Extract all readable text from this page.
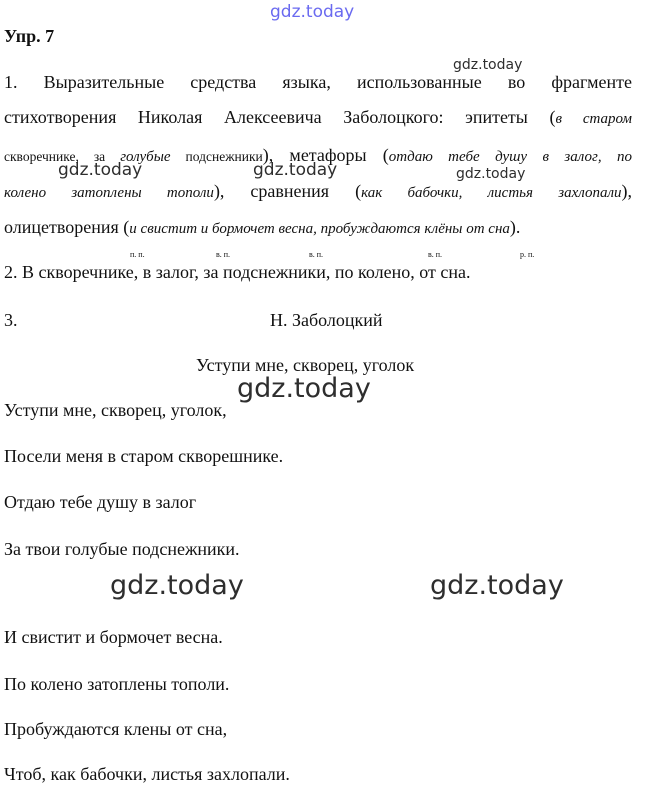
gdz.today
gdz.today
gdz.today	gdz.today	gdz.today
gdz.today
gdz.today	gdz.today
Упр. 7
1. Выразительные средства языка, использованные во фрагменте
стихотворения Николая Алексеевича Заболоцкого: эпитеты (в старом
скворечнике, за голубые подснежники), метафоры (отдаю тебе душу в залог, по
колено затоплены тополи), сравнения (как бабочки, листья захлопали),
олицетворения (и свистит и бормочет весна, пробуждаются клёны от сна).
п. п.	в. п.	в. п.	в. п.	р. п.
2. В скворечнике, в залог, за подснежники, по колено, от сна.
3.	Н. Заболоцкий
Уступи мне, скворец, уголок
Уступи мне, скворец, уголок,
Посели меня в старом скворешнике.
Отдаю тебе душу в залог
За твои голубые подснежники.
И свистит и бормочет весна.
По колено затоплены тополи.
Пробуждаются клены от сна,
Чтоб, как бабочки, листья захлопали.
